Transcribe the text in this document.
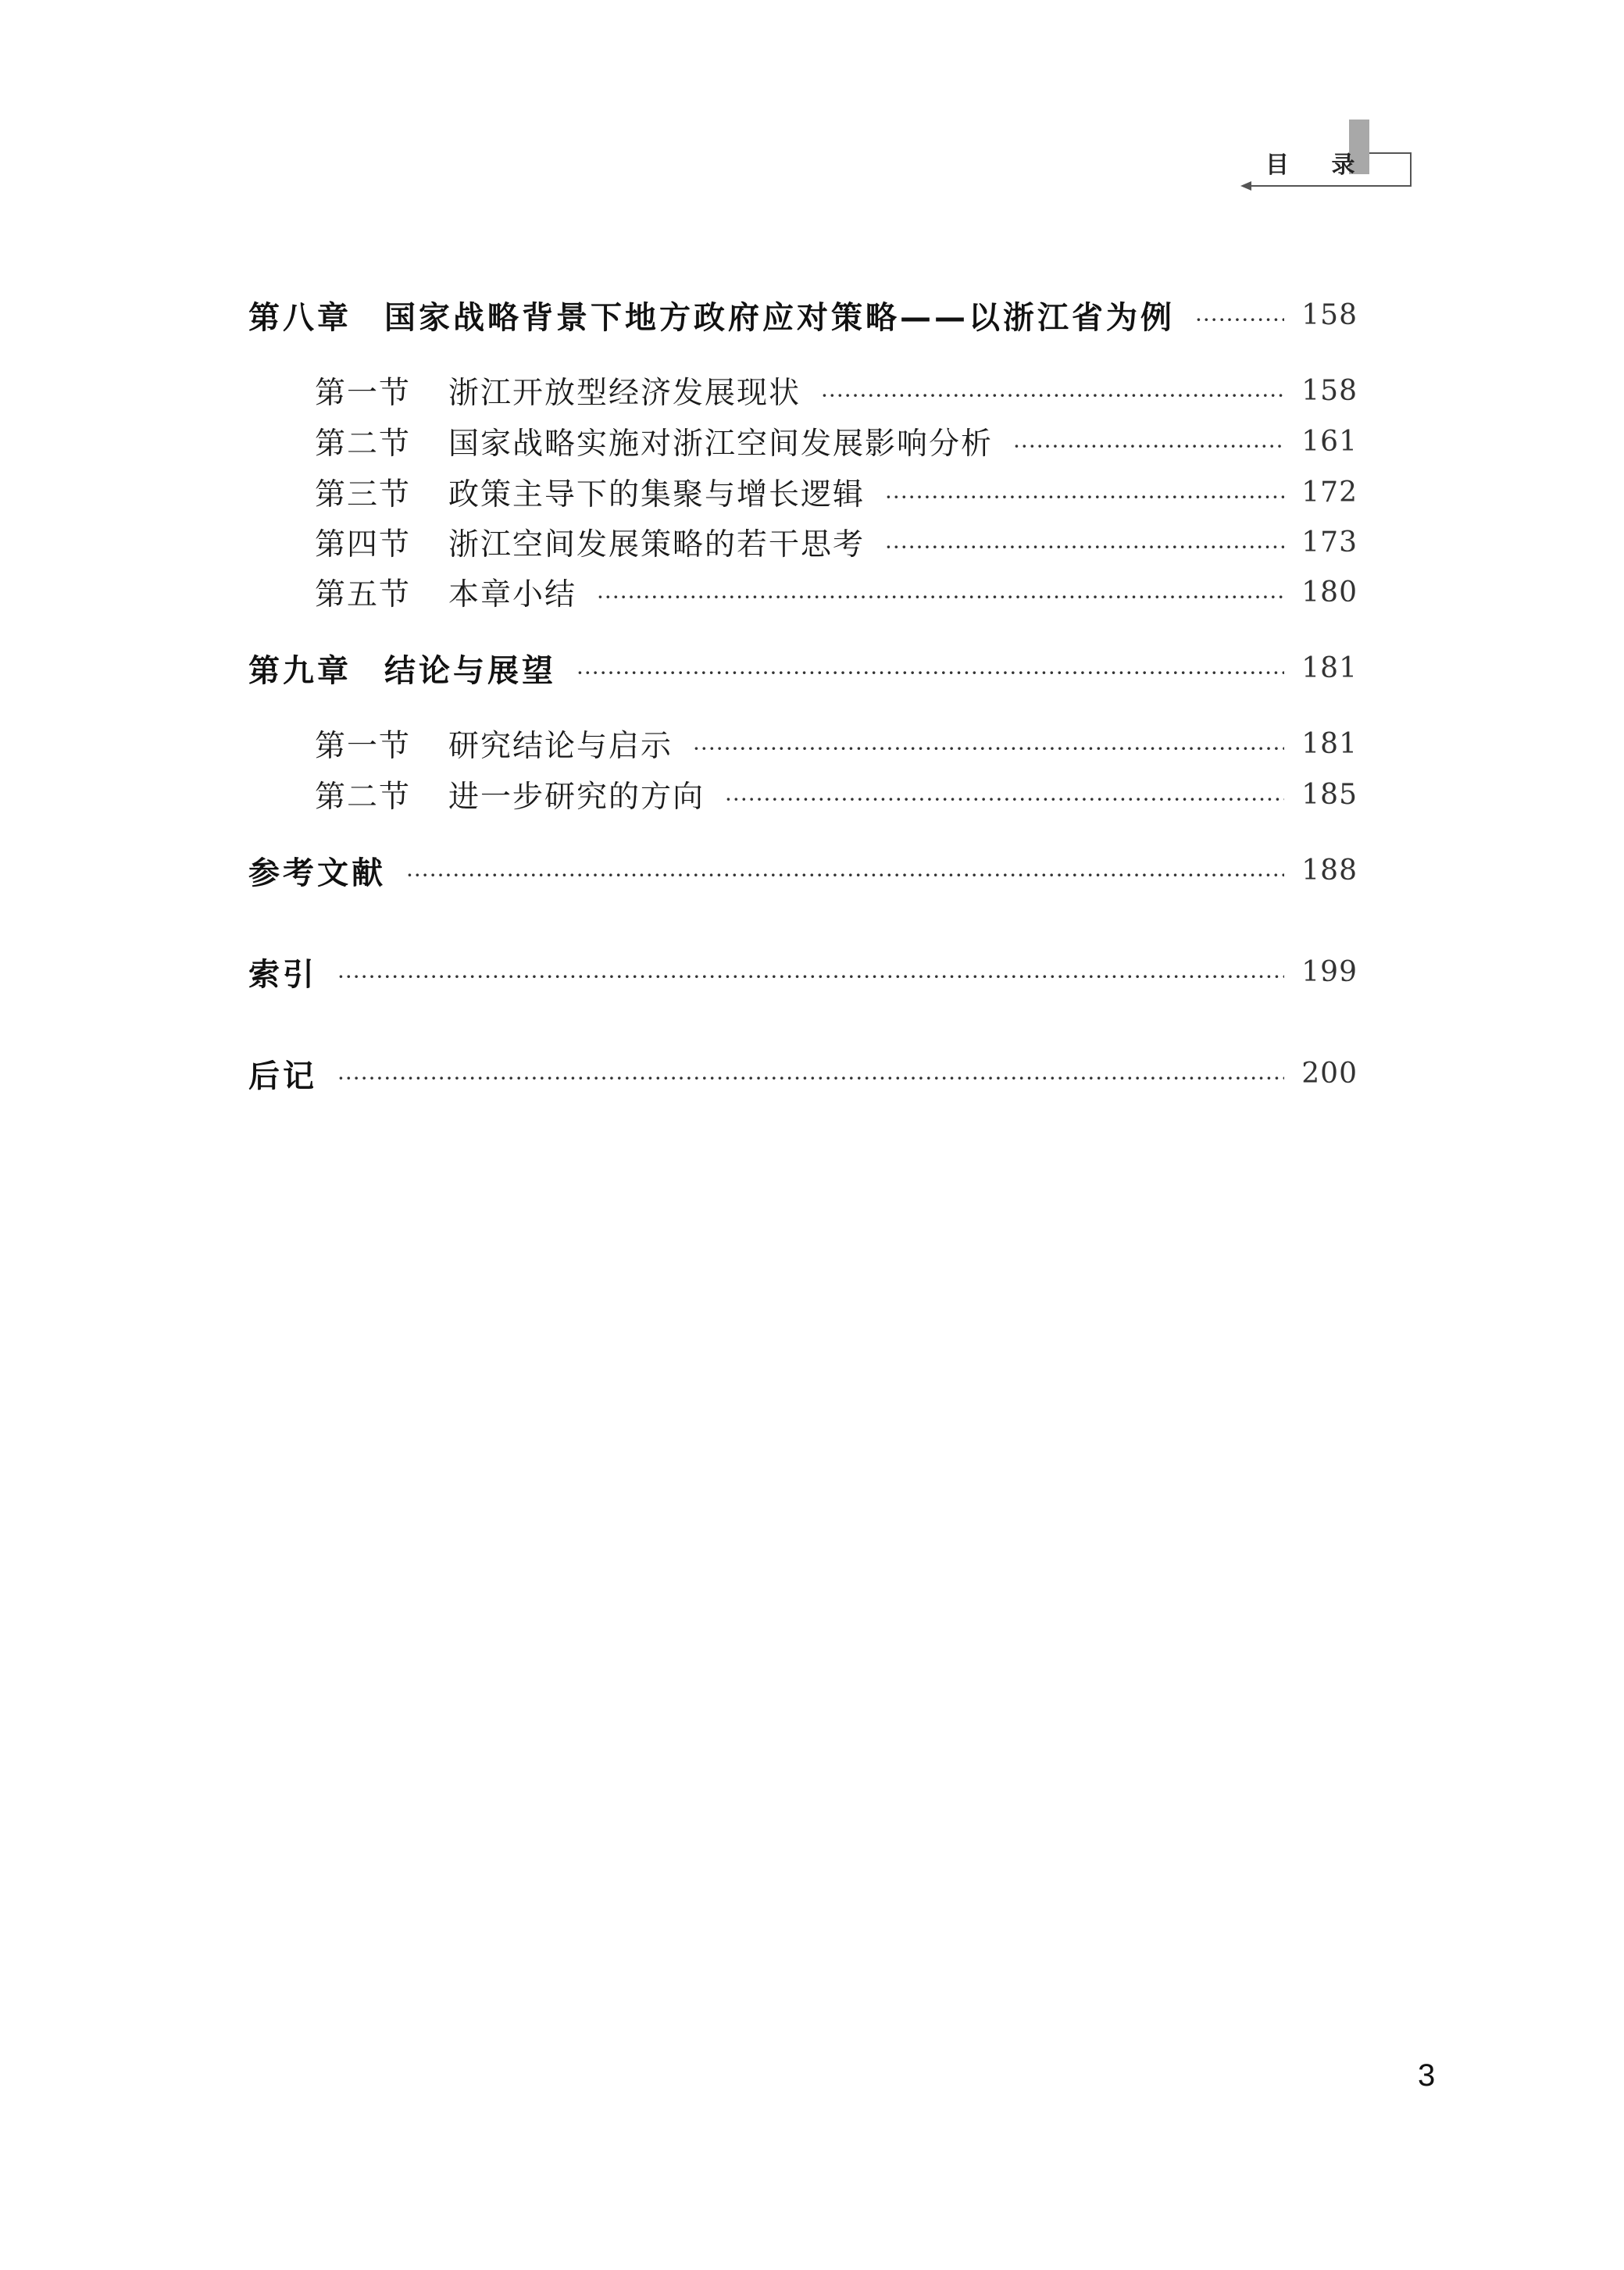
目 录
第八章 国家战略背景下地方政府应对策略——以浙江省为例 ·····	158
第一节 浙江开放型经济发展现状 ·····	158
第二节 国家战略实施对浙江空间发展影响分析 ·····	161
第三节 政策主导下的集聚与增长逻辑 ·····	172
第四节 浙江空间发展策略的若干思考 ·····	173
第五节 本章小结 ·····	180
第九章 结论与展望 ·····	181
第一节 研究结论与启示 ·····	181
第二节 进一步研究的方向 ·····	185
参考文献 ·····	188
索引 ·····	199
后记 ·····	200
3
